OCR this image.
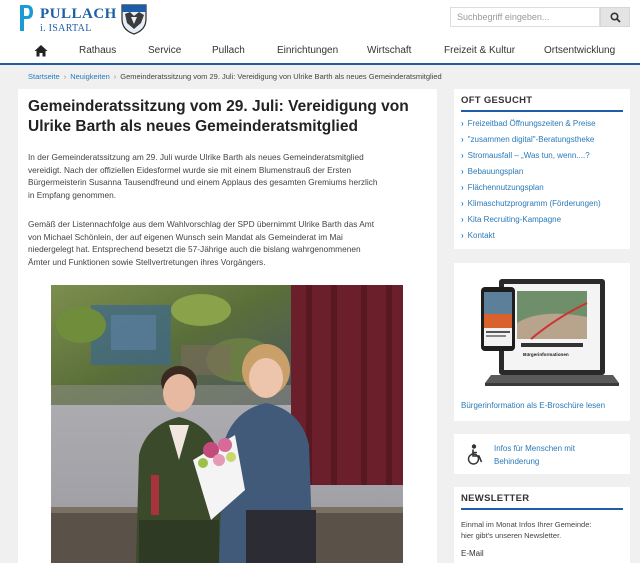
PULLACH
i. ISARTAL
Suchbegriff eingeben...
Rathaus	Service	Pullach	Einrichtungen	Wirtschaft	Freizeit & Kultur	Ortsentwicklung
Startseite › Neuigkeiten › Gemeinderatssitzung vom 29. Juli: Vereidigung von Ulrike Barth als neues Gemeinderatsmitglied
Gemeinderatssitzung vom 29. Juli: Vereidigung von Ulrike Barth als neues Gemeinderatsmitglied
In der Gemeinderatssitzung am 29. Juli wurde Ulrike Barth als neues Gemeinderatsmitglied
vereidigt. Nach der offiziellen Eidesformel wurde sie mit einem Blumenstrauß der Ersten
Bürgermeisterin Susanna Tausendfreund und einem Applaus des gesamten Gremiums herzlich
in Empfang genommen.
Gemäß der Listennachfolge aus dem Wahlvorschlag der SPD übernimmt Ulrike Barth das Amt
von Michael Schönlein, der auf eigenen Wunsch sein Mandat als Gemeinderat im Mai
niedergelegt hat. Entsprechend besetzt die 57-Jährige auch die bislang wahrgenommenen
Ämter und Funktionen sowie Stellvertretungen ihres Vorgängers.
OFT GESUCHT
› Freizeitbad Öffnungszeiten & Preise
› "zusammen digital"-Beratungstheke
› Stromausfall – „Was tun, wenn....?
› Bebauungsplan
› Flächennutzungsplan
› Klimaschutzprogramm (Förderungen)
› Kita Recruiting-Kampagne
› Kontakt
Bürgerinformationen
Bürgerinformation als E-Broschüre lesen
Infos für Menschen mit
Behinderung
NEWSLETTER
Einmal im Monat Infos Ihrer Gemeinde:
hier gibt's unseren Newsletter.
E-Mail
